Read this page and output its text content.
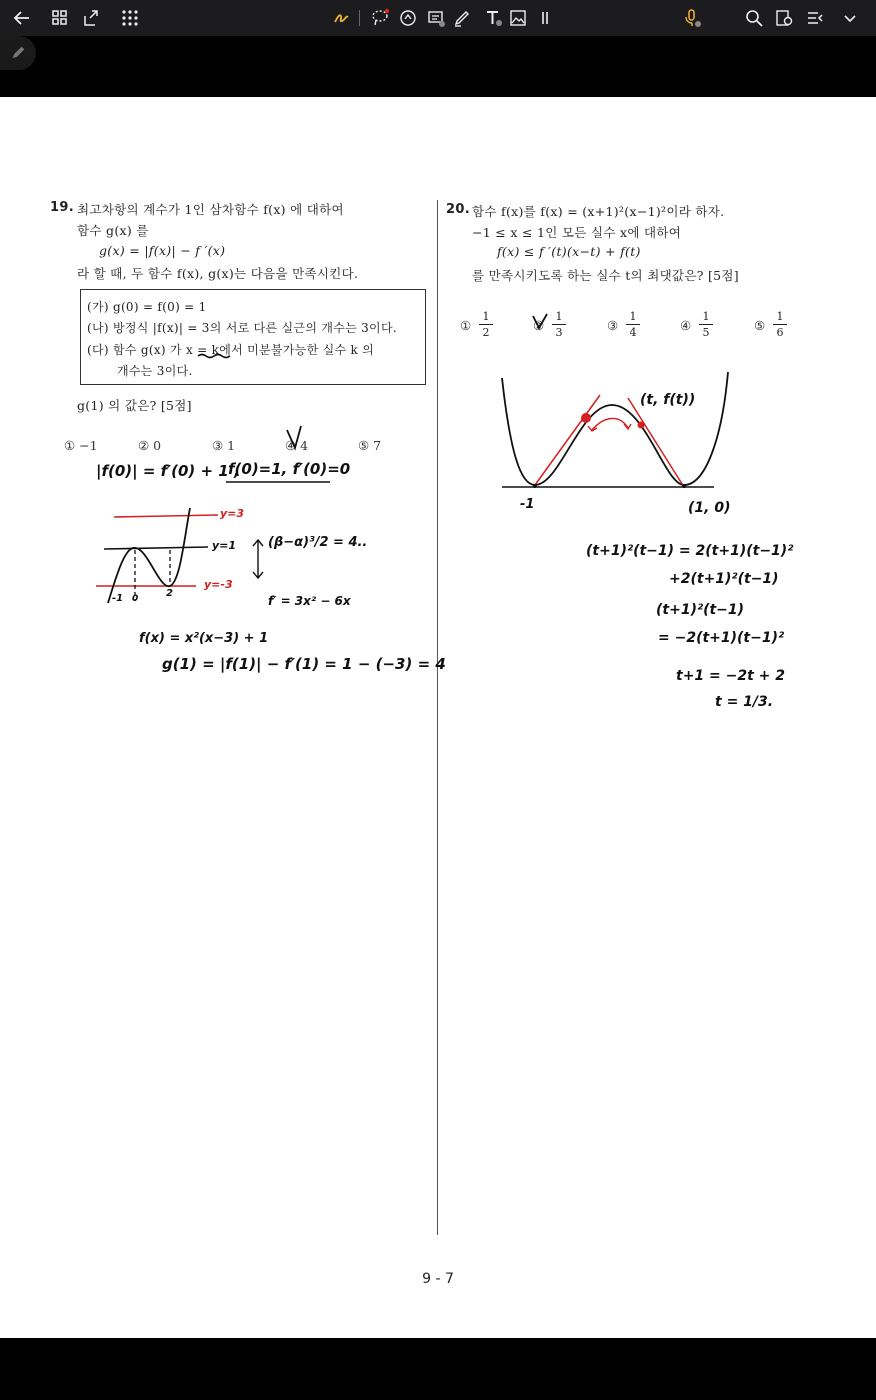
19. 최고차항의 계수가 1인 삼차함수 f(x) 에 대하여
함수 g(x) 를
g(x) = |f(x)| − f ′(x)
라 할 때, 두 함수 f(x), g(x)는 다음을 만족시킨다.
(가) g(0) = f(0) = 1
(나) 방정식 |f(x)| = 3의 서로 다른 실근의 개수는 3이다.
(다) 함수 g(x) 가 x = k에서 미분불가능한 실수 k 의
개수는 3이다.
g(1) 의 값은? [5점]
① −1	② 0	③ 1	④ 4	⑤ 7
20. 함수 f(x)를 f(x) = (x+1)²(x−1)²이라 하자.
−1 ≤ x ≤ 1인 모든 실수 x에 대하여
f(x) ≤ f ′(t)(x−t) + f(t)
를 만족시키도록 하는 실수 t의 최댓값은? [5점]
①
1
2	②
1
3	③
1
4	④
1
5	⑤
1
6
|f(0)| = f′(0) + 1 ,
f(0)=1, f′(0)=0
y=3
y=1
y=-3
-1 0	2
(β−α)³/2 = 4..
f′ = 3x² − 6x
f(x) = x²(x−3) + 1
g(1) = |f(1)| − f′(1) = 1 − (−3) = 4
(t, f(t))
-1	(1, 0)
(t+1)²(t−1) = 2(t+1)(t−1)²
+2(t+1)²(t−1)
(t+1)²(t−1)
= −2(t+1)(t−1)²
t+1 = −2t + 2
t = 1/3.
9 - 7
